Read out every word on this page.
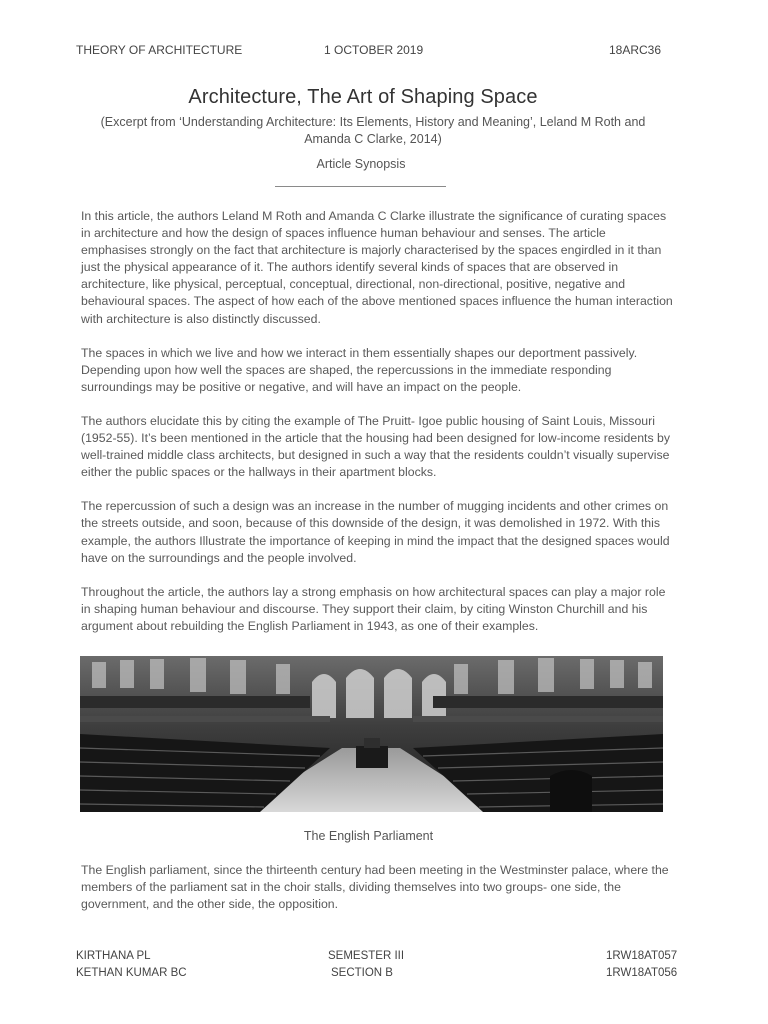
THEORY OF ARCHITECTURE	1 OCTOBER 2019	18ARC36
Architecture, The Art of Shaping Space
(Excerpt from ‘Understanding Architecture: Its Elements, History and Meaning’, Leland M Roth and Amanda C Clarke, 2014)
Article Synopsis

In this article, the authors Leland M Roth and Amanda C Clarke illustrate the significance of curating spaces in architecture and how the design of spaces influence human behaviour and senses. The article emphasises strongly on the fact that architecture is majorly characterised by the spaces engirdled in it than just the physical appearance of it. The authors identify several kinds of spaces that are observed in architecture, like physical, perceptual, conceptual, directional, non-directional, positive, negative and behavioural spaces. The aspect of how each of the above mentioned spaces influence the human interaction with architecture is also distinctly discussed.

The spaces in which we live and how we interact in them essentially shapes our deportment passively. Depending upon how well the spaces are shaped, the repercussions in the immediate responding surroundings may be positive or negative, and will have an impact on the people.

The authors elucidate this by citing the example of The Pruitt- Igoe public housing of Saint Louis, Missouri (1952-55). It’s been mentioned in the article that the housing had been designed for low-income residents by well-trained middle class architects, but designed in such a way that the residents couldn’t visually supervise either the public spaces or the hallways in their apartment blocks.

The repercussion of such a design was an increase in the number of mugging incidents and other crimes on the streets outside, and soon, because of this downside of the design, it was demolished in 1972. With this example, the authors Illustrate the importance of keeping in mind the impact that the designed spaces would have on the surroundings and the people involved.

Throughout the article, the authors lay a strong emphasis on how architectural spaces can play a major role in shaping human behaviour and discourse. They support their claim, by citing Winston Churchill and his argument about rebuilding the English Parliament in 1943, as one of their examples.

The English Parliament
The English parliament, since the thirteenth century had been meeting in the Westminster palace, where the members of the parliament sat in the choir stalls, dividing themselves into two groups- one side, the government, and the other side, the opposition.
KIRTHANA PL
KETHAN KUMAR BC
SEMESTER III
SECTION B
1RW18AT057
1RW18AT056
